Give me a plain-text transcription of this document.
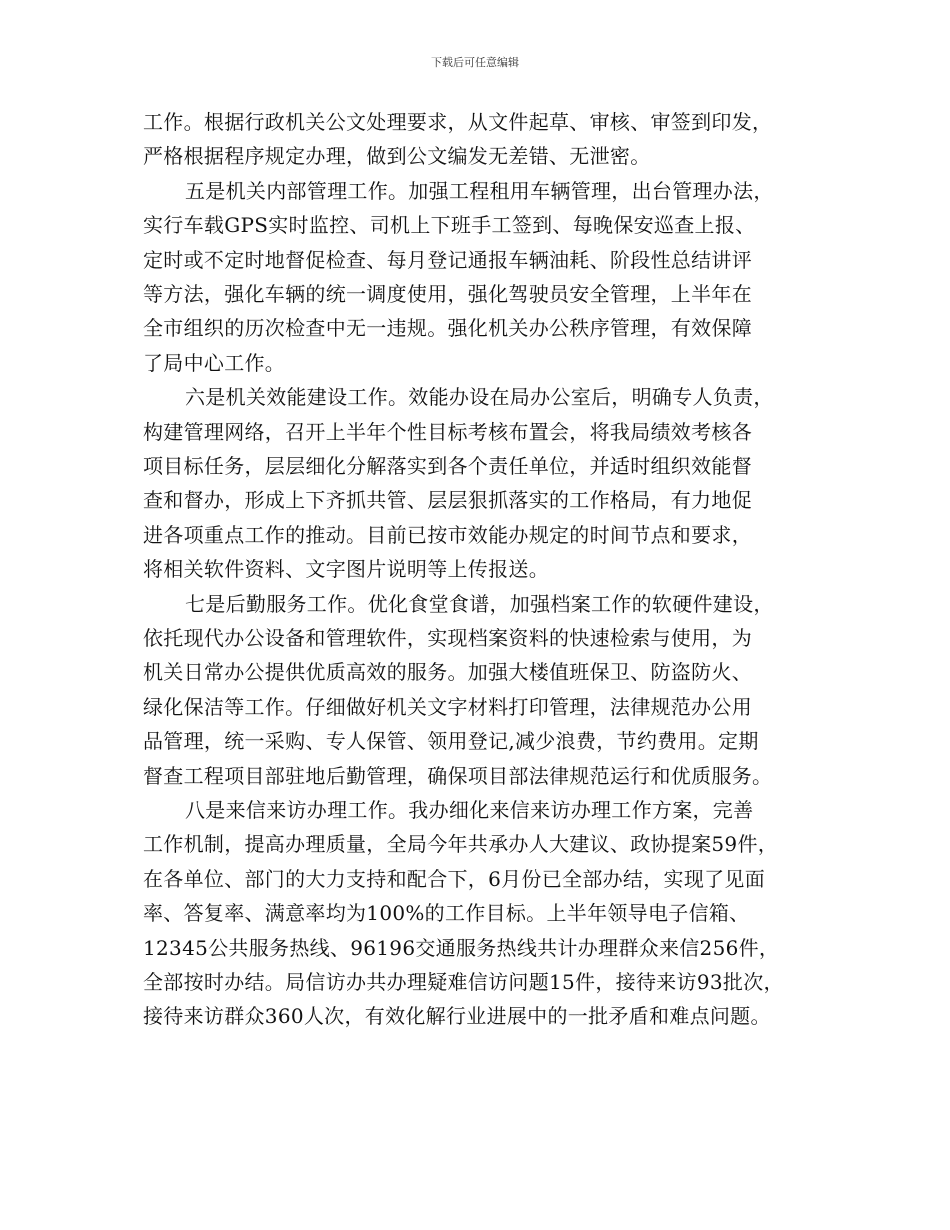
下载后可任意编辑
工作。根据行政机关公文处理要求，从文件起草、审核、审签到印发，
严格根据程序规定办理，做到公文编发无差错、无泄密。
五是机关内部管理工作。加强工程租用车辆管理，出台管理办法，
实行车载GPS实时监控、司机上下班手工签到、每晚保安巡查上报、
定时或不定时地督促检查、每月登记通报车辆油耗、阶段性总结讲评
等方法，强化车辆的统一调度使用，强化驾驶员安全管理，上半年在
全市组织的历次检查中无一违规。强化机关办公秩序管理，有效保障
了局中心工作。
六是机关效能建设工作。效能办设在局办公室后，明确专人负责，
构建管理网络，召开上半年个性目标考核布置会，将我局绩效考核各
项目标任务，层层细化分解落实到各个责任单位，并适时组织效能督
查和督办，形成上下齐抓共管、层层狠抓落实的工作格局，有力地促
进各项重点工作的推动。目前已按市效能办规定的时间节点和要求，
将相关软件资料、文字图片说明等上传报送。
七是后勤服务工作。优化食堂食谱，加强档案工作的软硬件建设，
依托现代办公设备和管理软件，实现档案资料的快速检索与使用，为
机关日常办公提供优质高效的服务。加强大楼值班保卫、防盗防火、
绿化保洁等工作。仔细做好机关文字材料打印管理，法律规范办公用
品管理，统一采购、专人保管、领用登记,减少浪费，节约费用。定期
督查工程项目部驻地后勤管理，确保项目部法律规范运行和优质服务。
八是来信来访办理工作。我办细化来信来访办理工作方案，完善
工作机制，提高办理质量，全局今年共承办人大建议、政协提案59件，
在各单位、部门的大力支持和配合下，6月份已全部办结，实现了见面
率、答复率、满意率均为100%的工作目标。上半年领导电子信箱、
12345公共服务热线、96196交通服务热线共计办理群众来信256件，
全部按时办结。局信访办共办理疑难信访问题15件，接待来访93批次，
接待来访群众360人次，有效化解行业进展中的一批矛盾和难点问题。
